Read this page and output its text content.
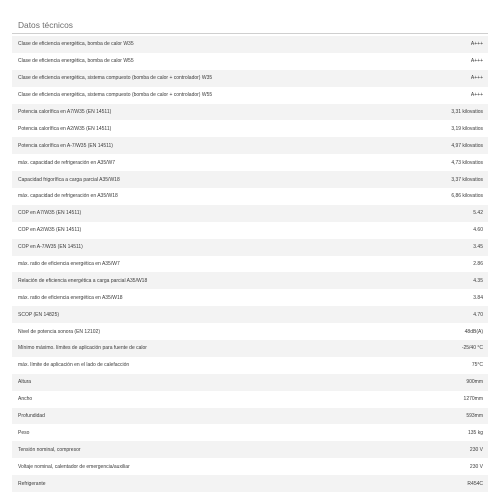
Datos técnicos
Clase de eficiencia energética, bomba de calor W35	A+++
Clase de eficiencia energética, bomba de calor W55	A+++
Clase de eficiencia energética, sistema compuesto (bomba de calor + controlador) W35	A+++
Clase de eficiencia energética, sistema compuesto (bomba de calor + controlador) W55	A+++
Potencia calorífica en A7/W35 (EN 14511)	3,31 kilovatios
Potencia calorífica en A2/W35 (EN 14511)	3,19 kilovatios
Potencia calorífica en A-7/W35 (EN 14511)	4,97 kilovatios
máx. capacidad de refrigeración en A35/W7	4,73 kilovatios
Capacidad frigorífica a carga parcial A35/W18	3,37 kilovatios
máx. capacidad de refrigeración en A35/W18	6,86 kilovatios
COP en A7/W35 (EN 14511)	5.42
COP en A2/W35 (EN 14511)	4.60
COP en A-7/W35 (EN 14511)	3.45
máx. ratio de eficiencia energética en A35/W7	2.86
Relación de eficiencia energética a carga parcial A35/W18	4.35
máx. ratio de eficiencia energética en A35/W18	3.84
SCOP (EN 14825)	4.70
Nivel de potencia sonora (EN 12102)	48dB(A)
Mínimo máximo. límites de aplicación para fuente de calor	-25/40 °C
máx. límite de aplicación en el lado de calefacción	75°C
Altura	900mm
Ancho	1270mm
Profundidad	593mm
Peso	135 kg
Tensión nominal, compresor	230 V
Voltaje nominal, calentador de emergencia/auxiliar	230 V
Refrigerante	R454C
